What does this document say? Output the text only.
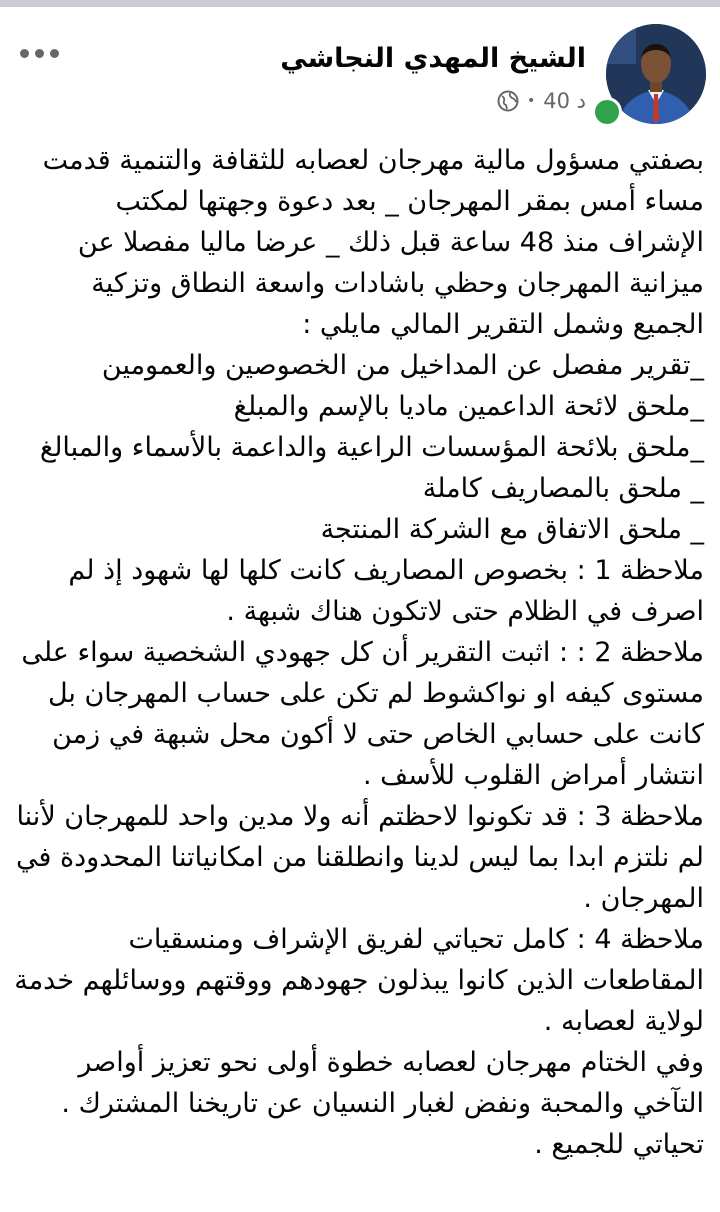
الشيخ المهدي النجاشي
40 د
•

بصفتي مسؤول مالية مهرجان لعصابه للثقافة والتنمية قدمت مساء أمس بمقر المهرجان _ بعد دعوة وجهتها لمكتب الإشراف منذ 48 ساعة قبل ذلك _ عرضا ماليا مفصلا عن ميزانية المهرجان وحظي باشادات واسعة النطاق وتزكية الجميع وشمل التقرير المالي مايلي :

_تقرير مفصل عن المداخيل من الخصوصين والعمومين

_ملحق لائحة الداعمين ماديا بالإسم والمبلغ

_ملحق بلائحة المؤسسات الراعية والداعمة بالأسماء والمبالغ

_ ملحق بالمصاريف كاملة

_ ملحق الاتفاق مع الشركة المنتجة

ملاحظة 1 : بخصوص المصاريف كانت كلها لها شهود إذ لم اصرف في الظلام حتى لاتكون هناك شبهة .

ملاحظة 2 : : اثبت التقرير أن كل جهودي الشخصية سواء على مستوى كيفه او نواكشوط لم تكن على حساب المهرجان بل كانت على حسابي الخاص حتى لا أكون محل شبهة في زمن انتشار أمراض القلوب للأسف .

ملاحظة 3 : قد تكونوا لاحظتم أنه ولا مدين واحد للمهرجان لأننا لم نلتزم ابدا بما ليس لدينا وانطلقنا من امكانياتنا المحدودة في المهرجان .

ملاحظة 4 : كامل تحياتي لفريق الإشراف ومنسقيات المقاطعات الذين كانوا يبذلون جهودهم ووقتهم ووسائلهم خدمة لولاية لعصابه .

وفي الختام مهرجان لعصابه خطوة أولى نحو تعزيز أواصر التآخي والمحبة ونفض لغبار النسيان عن تاريخنا المشترك . تحياتي للجميع .
